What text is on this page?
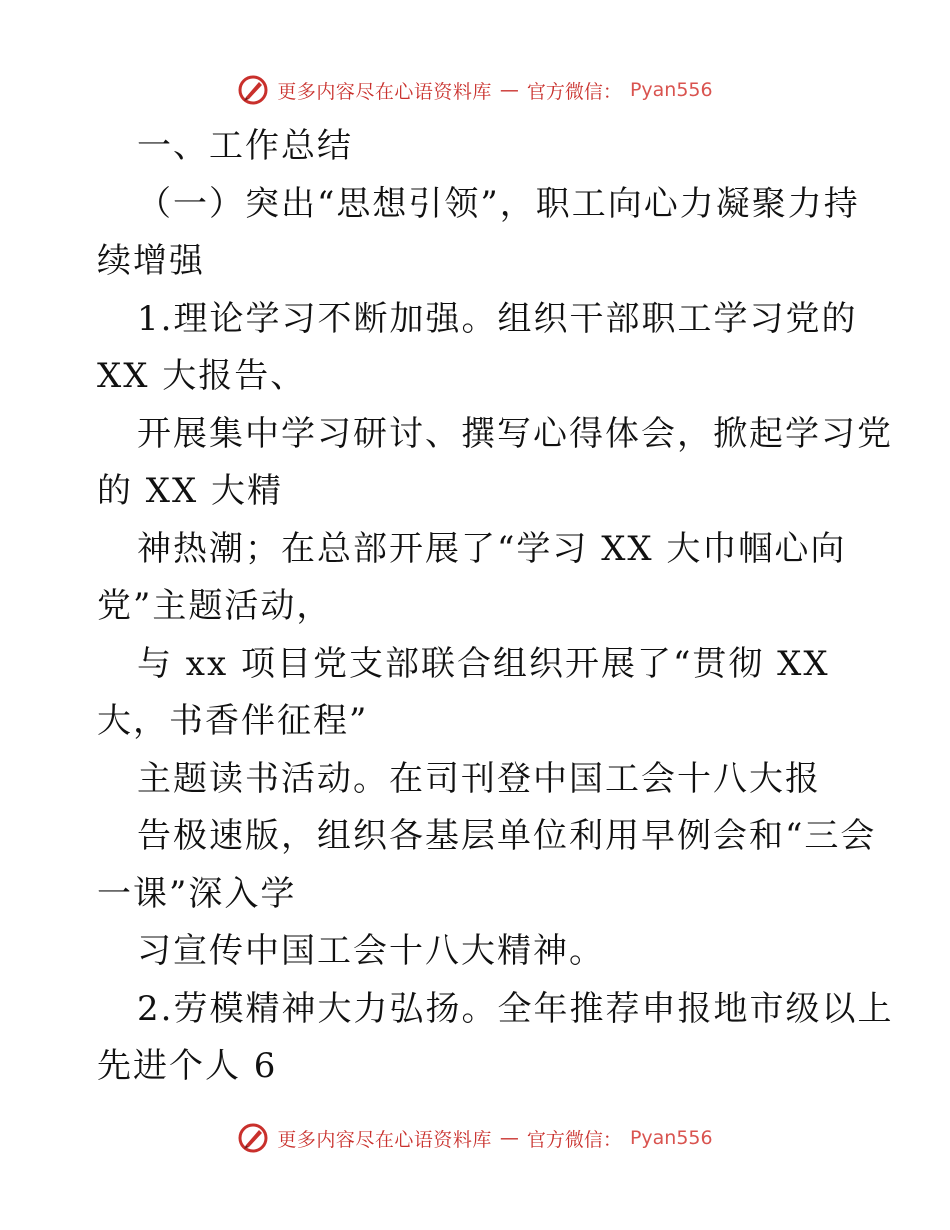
更多内容尽在心语资料库 — 官方微信： Pyan556
一、工作总结
（一）突出“思想引领”，职工向心力凝聚力持
续增强
1.理论学习不断加强。组织干部职工学习党的
XX 大报告、
开展集中学习研讨、撰写心得体会，掀起学习党
的 XX 大精
神热潮；在总部开展了“学习 XX 大巾帼心向
党”主题活动，
与 xx 项目党支部联合组织开展了“贯彻 XX
大，书香伴征程”
主题读书活动。在司刊登中国工会十八大报
告极速版，组织各基层单位利用早例会和“三会
一课”深入学
习宣传中国工会十八大精神。
2.劳模精神大力弘扬。全年推荐申报地市级以上
先进个人 6
更多内容尽在心语资料库 — 官方微信： Pyan556
